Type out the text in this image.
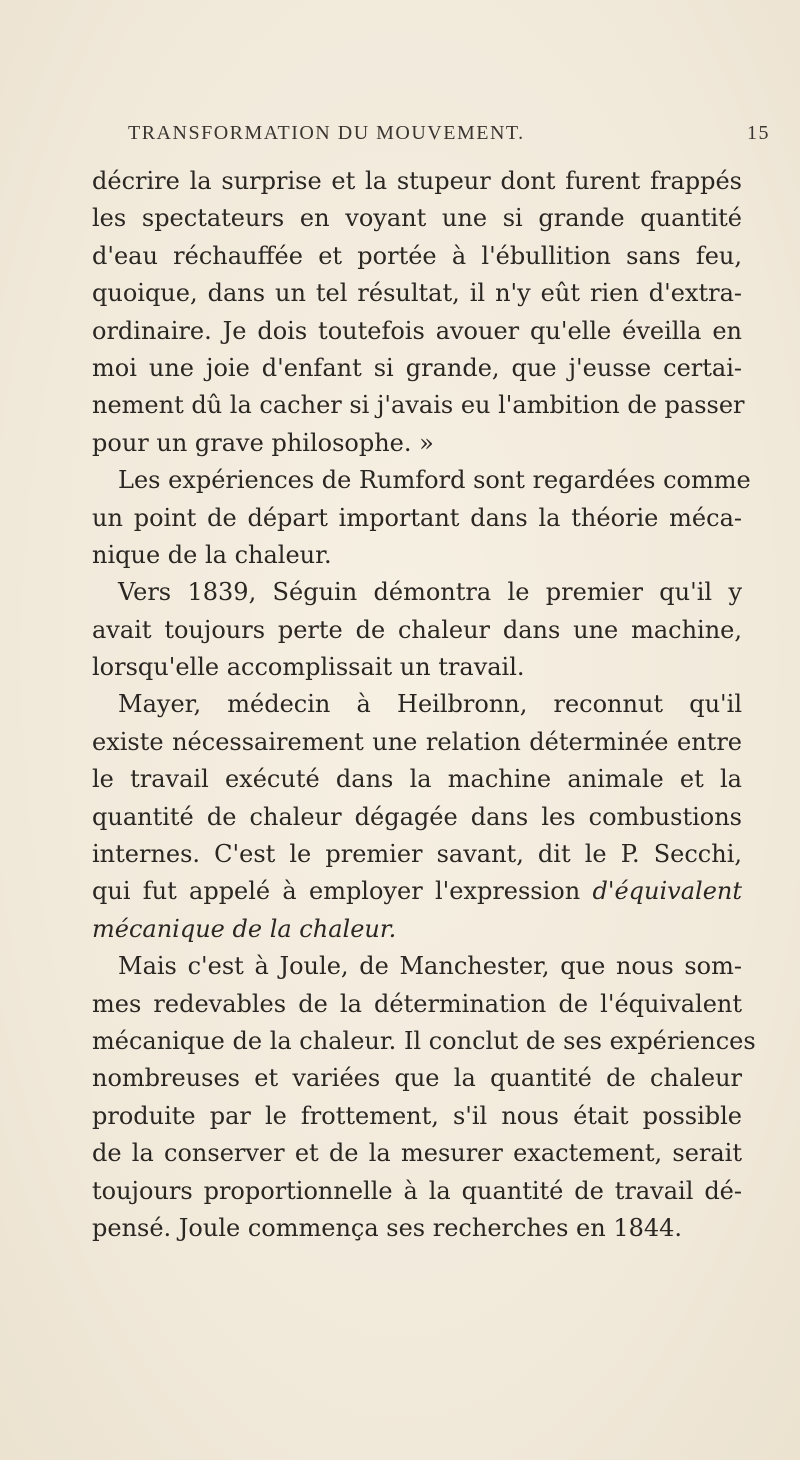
TRANSFORMATION DU MOUVEMENT.	15
décrire la surprise et la stupeur dont furent frappés
les spectateurs en voyant une si grande quantité
d'eau réchauffée et portée à l'ébullition sans feu,
quoique, dans un tel résultat, il n'y eût rien d'extra-
ordinaire. Je dois toutefois avouer qu'elle éveilla en
moi une joie d'enfant si grande, que j'eusse certai-
nement dû la cacher si j'avais eu l'ambition de passer
pour un grave philosophe. »
Les expériences de Rumford sont regardées comme
un point de départ important dans la théorie méca-
nique de la chaleur.
Vers 1839, Séguin démontra le premier qu'il y
avait toujours perte de chaleur dans une machine,
lorsqu'elle accomplissait un travail.
Mayer, médecin à Heilbronn, reconnut qu'il
existe nécessairement une relation déterminée entre
le travail exécuté dans la machine animale et la
quantité de chaleur dégagée dans les combustions
internes. C'est le premier savant, dit le P. Secchi,
qui fut appelé à employer l'expression d'équivalent
mécanique de la chaleur.
Mais c'est à Joule, de Manchester, que nous som-
mes redevables de la détermination de l'équivalent
mécanique de la chaleur. Il conclut de ses expériences
nombreuses et variées que la quantité de chaleur
produite par le frottement, s'il nous était possible
de la conserver et de la mesurer exactement, serait
toujours proportionnelle à la quantité de travail dé-
pensé. Joule commença ses recherches en 1844.
